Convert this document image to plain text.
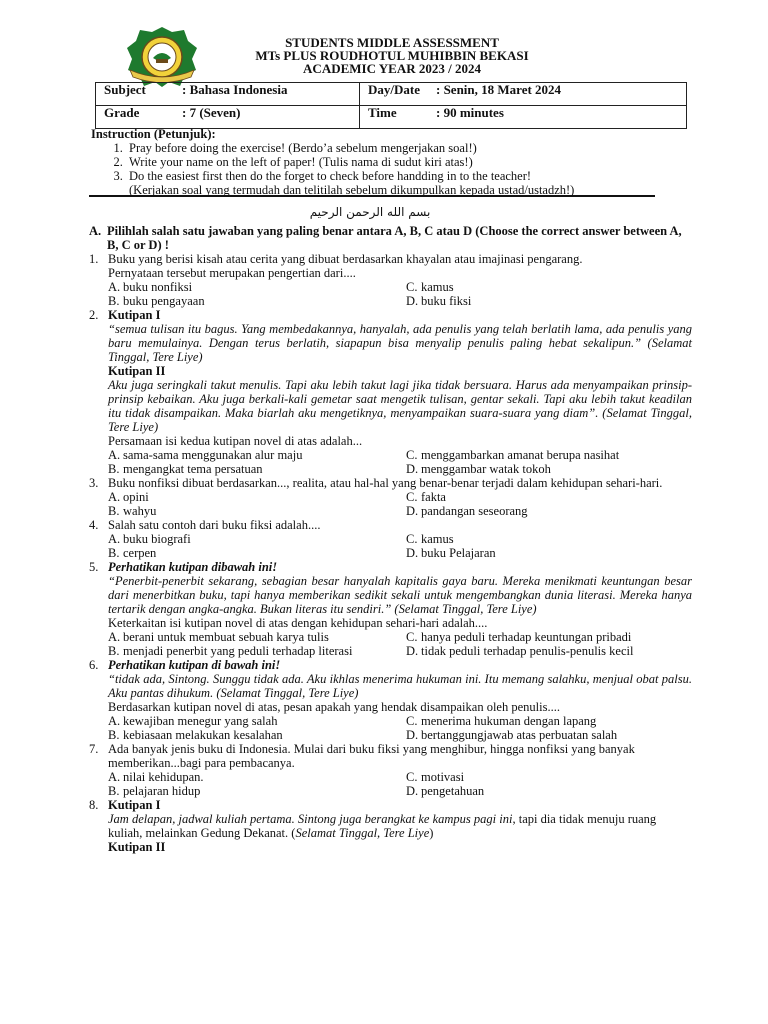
STUDENTS MIDDLE ASSESSMENT
MTs PLUS ROUDHOTUL MUHIBBIN BEKASI
ACADEMIC YEAR 2023 / 2024
Subject : Bahasa Indonesia	Day/Date : Senin, 18 Maret 2024
Grade : 7 (Seven)	Time : 90 minutes
Instruction (Petunjuk):
1. Pray before doing the exercise! (Berdo’a sebelum mengerjakan soal!)
2. Write your name on the left of paper! (Tulis nama di sudut kiri atas!)
3. Do the easiest first then do the forget to check before handding in to the teacher!
(Kerjakan soal yang termudah dan telitilah sebelum dikumpulkan kepada ustad/ustadzh!)
بسم الله الرحمن الرحيم
A. Pilihlah salah satu jawaban yang paling benar antara A, B, C atau D (Choose the correct answer between A, B, C or D) !
1. Buku yang berisi kisah atau cerita yang dibuat berdasarkan khayalan atau imajinasi pengarang.
Pernyataan tersebut merupakan pengertian dari....
A. buku nonfiksi	C. kamus
B. buku pengayaan	D. buku fiksi
2. Kutipan I
“semua tulisan itu bagus. Yang membedakannya, hanyalah, ada penulis yang telah berlatih lama, ada penulis yang baru memulainya. Dengan terus berlatih, siapapun bisa menyalip penulis paling hebat sekalipun.” (Selamat Tinggal, Tere Liye)
Kutipan II
Aku juga seringkali takut menulis. Tapi aku lebih takut lagi jika tidak bersuara. Harus ada menyampaikan prinsip-prinsip kebaikan. Aku juga berkali-kali gemetar saat mengetik tulisan, gentar sekali. Tapi aku lebih takut keadilan itu tidak disampaikan. Maka biarlah aku mengetiknya, menyampaikan suara-suara yang diam”. (Selamat Tinggal, Tere Liye)
Persamaan isi kedua kutipan novel di atas adalah...
A. sama-sama menggunakan alur maju	C. menggambarkan amanat berupa nasihat
B. mengangkat tema persatuan	D. menggambar watak tokoh
3. Buku nonfiksi dibuat berdasarkan..., realita, atau hal-hal yang benar-benar terjadi dalam kehidupan sehari-hari.
A. opini	C. fakta
B. wahyu	D. pandangan seseorang
4. Salah satu contoh dari buku fiksi adalah....
A. buku biografi	C. kamus
B. cerpen	D. buku Pelajaran
5. Perhatikan kutipan dibawah ini!
“Penerbit-penerbit sekarang, sebagian besar hanyalah kapitalis gaya baru. Mereka menikmati keuntungan besar dari menerbitkan buku, tapi hanya memberikan sedikit sekali untuk mengembangkan dunia literasi. Mereka hanya tertarik dengan angka-angka. Bukan literas itu sendiri.” (Selamat Tinggal, Tere Liye)
Keterkaitan isi kutipan novel di atas dengan kehidupan sehari-hari adalah....
A. berani untuk membuat sebuah karya tulis	C. hanya peduli terhadap keuntungan pribadi
B. menjadi penerbit yang peduli terhadap literasi	D. tidak peduli terhadap penulis-penulis kecil
6. Perhatikan kutipan di bawah ini!
“tidak ada, Sintong. Sunggu tidak ada. Aku ikhlas menerima hukuman ini. Itu memang salahku, menjual obat palsu. Aku pantas dihukum. (Selamat Tinggal, Tere Liye)
Berdasarkan kutipan novel di atas, pesan apakah yang hendak disampaikan oleh penulis....
A. kewajiban menegur yang salah	C. menerima hukuman dengan lapang
B. kebiasaan melakukan kesalahan	D. bertanggungjawab atas perbuatan salah
7. Ada banyak jenis buku di Indonesia. Mulai dari buku fiksi yang menghibur, hingga nonfiksi yang banyak memberikan...bagi para pembacanya.
A. nilai kehidupan.	C. motivasi
B. pelajaran hidup	D. pengetahuan
8. Kutipan I
Jam delapan, jadwal kuliah pertama. Sintong juga berangkat ke kampus pagi ini, tapi dia tidak menuju ruang kuliah, melainkan Gedung Dekanat. (Selamat Tinggal, Tere Liye)
Kutipan II
